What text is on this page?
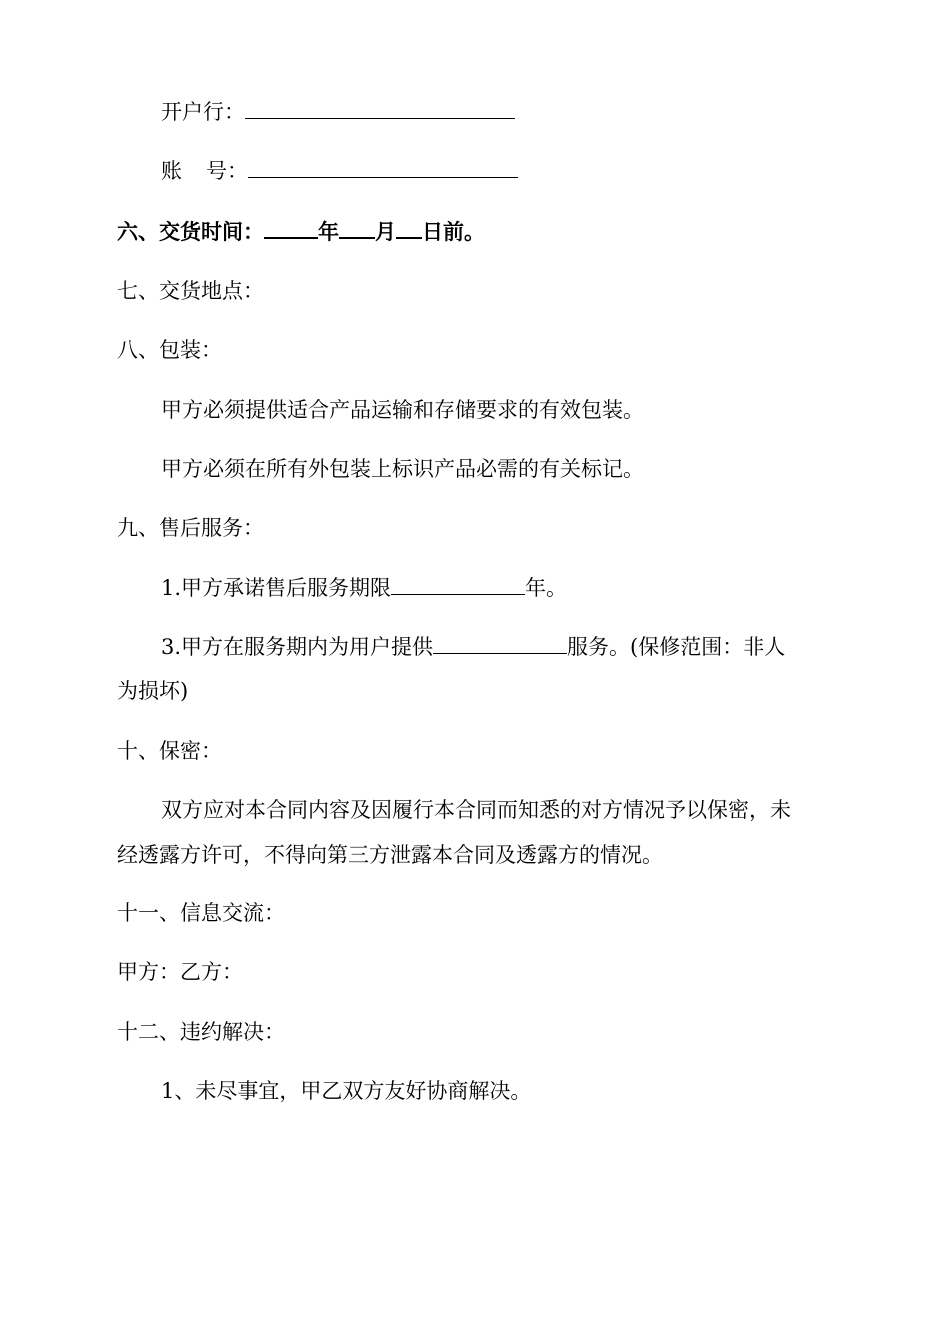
开户行：
账 号：
六、交货时间：	年 月 日前。
七、交货地点：
八、包装：
甲方必须提供适合产品运输和存储要求的有效包装。
甲方必须在所有外包装上标识产品必需的有关标记。
九、售后服务：
1.甲方承诺售后服务期限	年。
3.甲方在服务期内为用户提供	服务。(保修范围：非人
为损坏)
十、保密：
双方应对本合同内容及因履行本合同而知悉的对方情况予以保密，未
经透露方许可，不得向第三方泄露本合同及透露方的情况。
十一、信息交流：
甲方：乙方：
十二、违约解决：
1、未尽事宜，甲乙双方友好协商解决。
